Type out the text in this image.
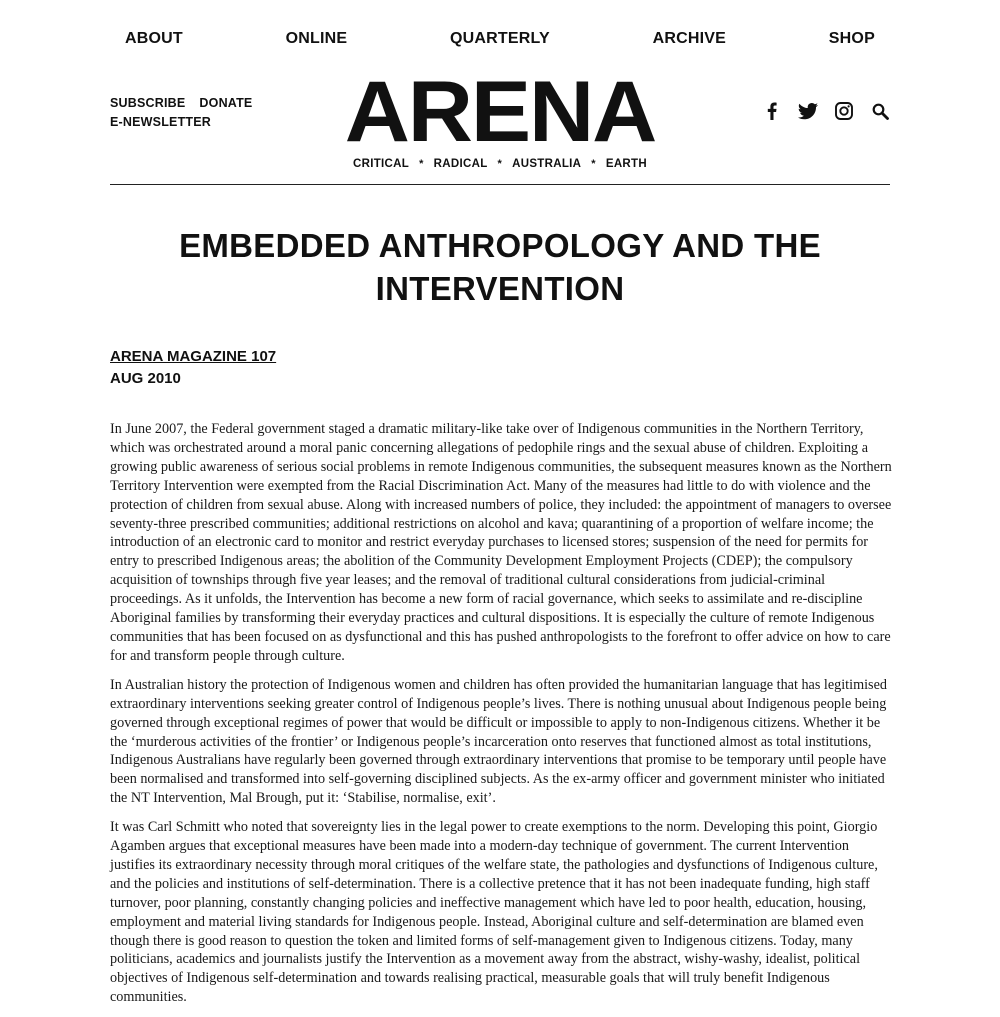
ABOUT	ONLINE	QUARTERLY	ARCHIVE	SHOP
SUBSCRIBE DONATE
E-NEWSLETTER ARENA
CRITICAL * RADICAL * AUSTRALIA * EARTH
EMBEDDED ANTHROPOLOGY AND THE INTERVENTION
ARENA MAGAZINE 107
AUG 2010

In June 2007, the Federal government staged a dramatic military-like take over of Indigenous communities in the Northern Territory, which was orchestrated around a moral panic concerning allegations of pedophile rings and the sexual abuse of children. Exploiting a growing public awareness of serious social problems in remote Indigenous communities, the subsequent measures known as the Northern Territory Intervention were exempted from the Racial Discrimination Act. Many of the measures had little to do with violence and the protection of children from sexual abuse. Along with increased numbers of police, they included: the appointment of managers to oversee seventy-three prescribed communities; additional restrictions on alcohol and kava; quarantining of a proportion of welfare income; the introduction of an electronic card to monitor and restrict everyday purchases to licensed stores; suspension of the need for permits for entry to prescribed Indigenous areas; the abolition of the Community Development Employment Projects (CDEP); the compulsory acquisition of townships through five year leases; and the removal of traditional cultural considerations from judicial-criminal proceedings. As it unfolds, the Intervention has become a new form of racial governance, which seeks to assimilate and re-discipline Aboriginal families by transforming their everyday practices and cultural dispositions. It is especially the culture of remote Indigenous communities that has been focused on as dysfunctional and this has pushed anthropologists to the forefront to offer advice on how to care for and transform people through culture.

In Australian history the protection of Indigenous women and children has often provided the humanitarian language that has legitimised extraordinary interventions seeking greater control of Indigenous people’s lives. There is nothing unusual about Indigenous people being governed through exceptional regimes of power that would be difficult or impossible to apply to non-Indigenous citizens. Whether it be the ‘murderous activities of the frontier’ or Indigenous people’s incarceration onto reserves that functioned almost as total institutions, Indigenous Australians have regularly been governed through extraordinary interventions that promise to be temporary until people have been normalised and transformed into self-governing disciplined subjects. As the ex-army officer and government minister who initiated the NT Intervention, Mal Brough, put it: ‘Stabilise, normalise, exit’.

It was Carl Schmitt who noted that sovereignty lies in the legal power to create exemptions to the norm. Developing this point, Giorgio Agamben argues that exceptional measures have been made into a modern-day technique of government. The current Intervention justifies its extraordinary necessity through moral critiques of the welfare state, the pathologies and dysfunctions of Indigenous culture, and the policies and institutions of self-determination. There is a collective pretence that it has not been inadequate funding, high staff turnover, poor planning, constantly changing policies and ineffective management which have led to poor health, education, housing, employment and material living standards for Indigenous people. Instead, Aboriginal culture and self-determination are blamed even though there is good reason to question the token and limited forms of self-management given to Indigenous citizens. Today, many politicians, academics and journalists justify the Intervention as a movement away from the abstract, wishy-washy, idealist, political objectives of Indigenous self-determination and towards realising practical, measurable goals that will truly benefit Indigenous communities.
